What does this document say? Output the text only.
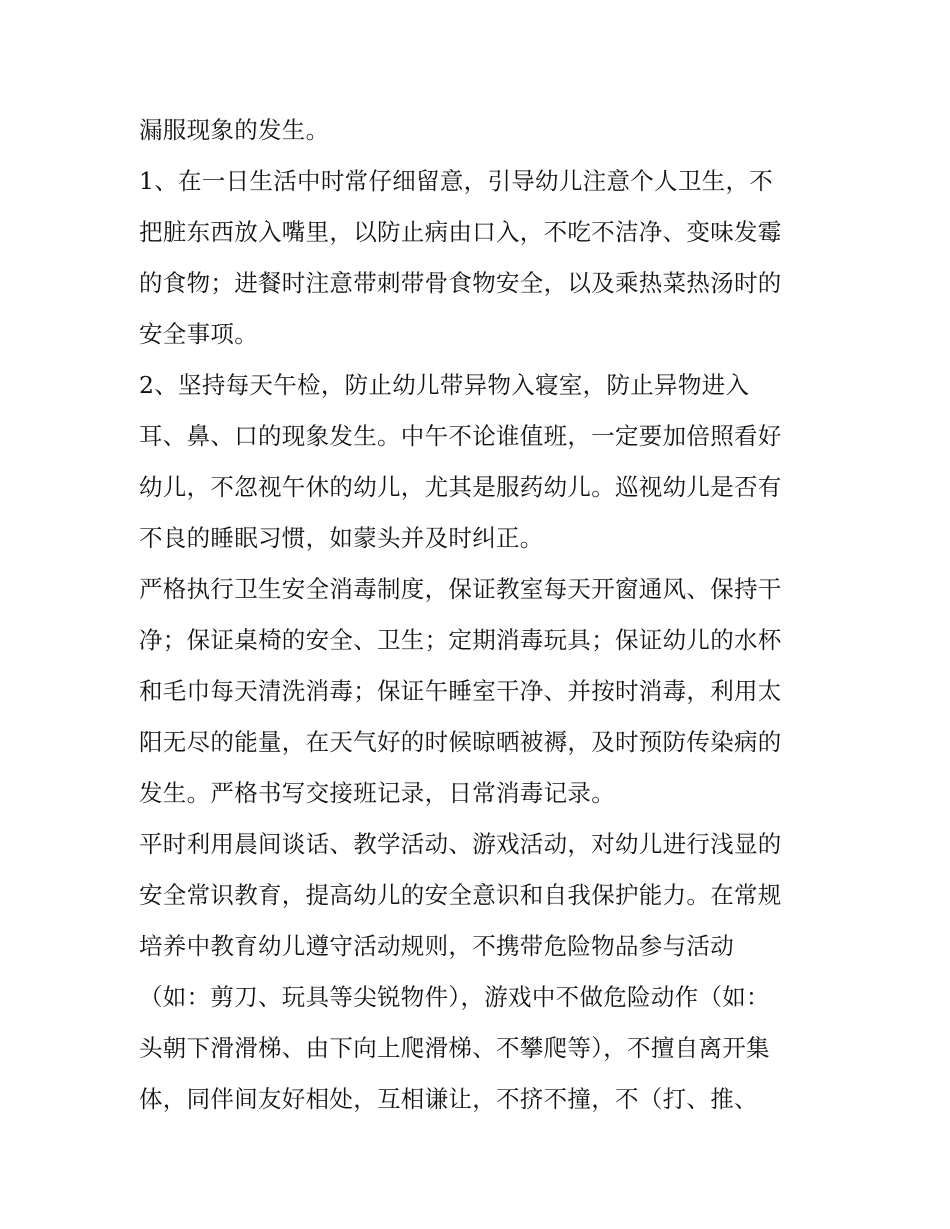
漏服现象的发生。
1、在一日生活中时常仔细留意，引导幼儿注意个人卫生，不
把脏东西放入嘴里，以防止病由口入，不吃不洁净、变味发霉
的食物；进餐时注意带刺带骨食物安全，以及乘热菜热汤时的
安全事项。
2、坚持每天午检，防止幼儿带异物入寝室，防止异物进入
耳、鼻、口的现象发生。中午不论谁值班，一定要加倍照看好
幼儿，不忽视午休的幼儿，尤其是服药幼儿。巡视幼儿是否有
不良的睡眠习惯，如蒙头并及时纠正。
严格执行卫生安全消毒制度，保证教室每天开窗通风、保持干
净；保证桌椅的安全、卫生；定期消毒玩具；保证幼儿的水杯
和毛巾每天清洗消毒；保证午睡室干净、并按时消毒，利用太
阳无尽的能量，在天气好的时候晾晒被褥，及时预防传染病的
发生。严格书写交接班记录，日常消毒记录。
平时利用晨间谈话、教学活动、游戏活动，对幼儿进行浅显的
安全常识教育，提高幼儿的安全意识和自我保护能力。在常规
培养中教育幼儿遵守活动规则，不携带危险物品参与活动
（如：剪刀、玩具等尖锐物件），游戏中不做危险动作（如：
头朝下滑滑梯、由下向上爬滑梯、不攀爬等），不擅自离开集
体，同伴间友好相处，互相谦让，不挤不撞，不（打、推、
